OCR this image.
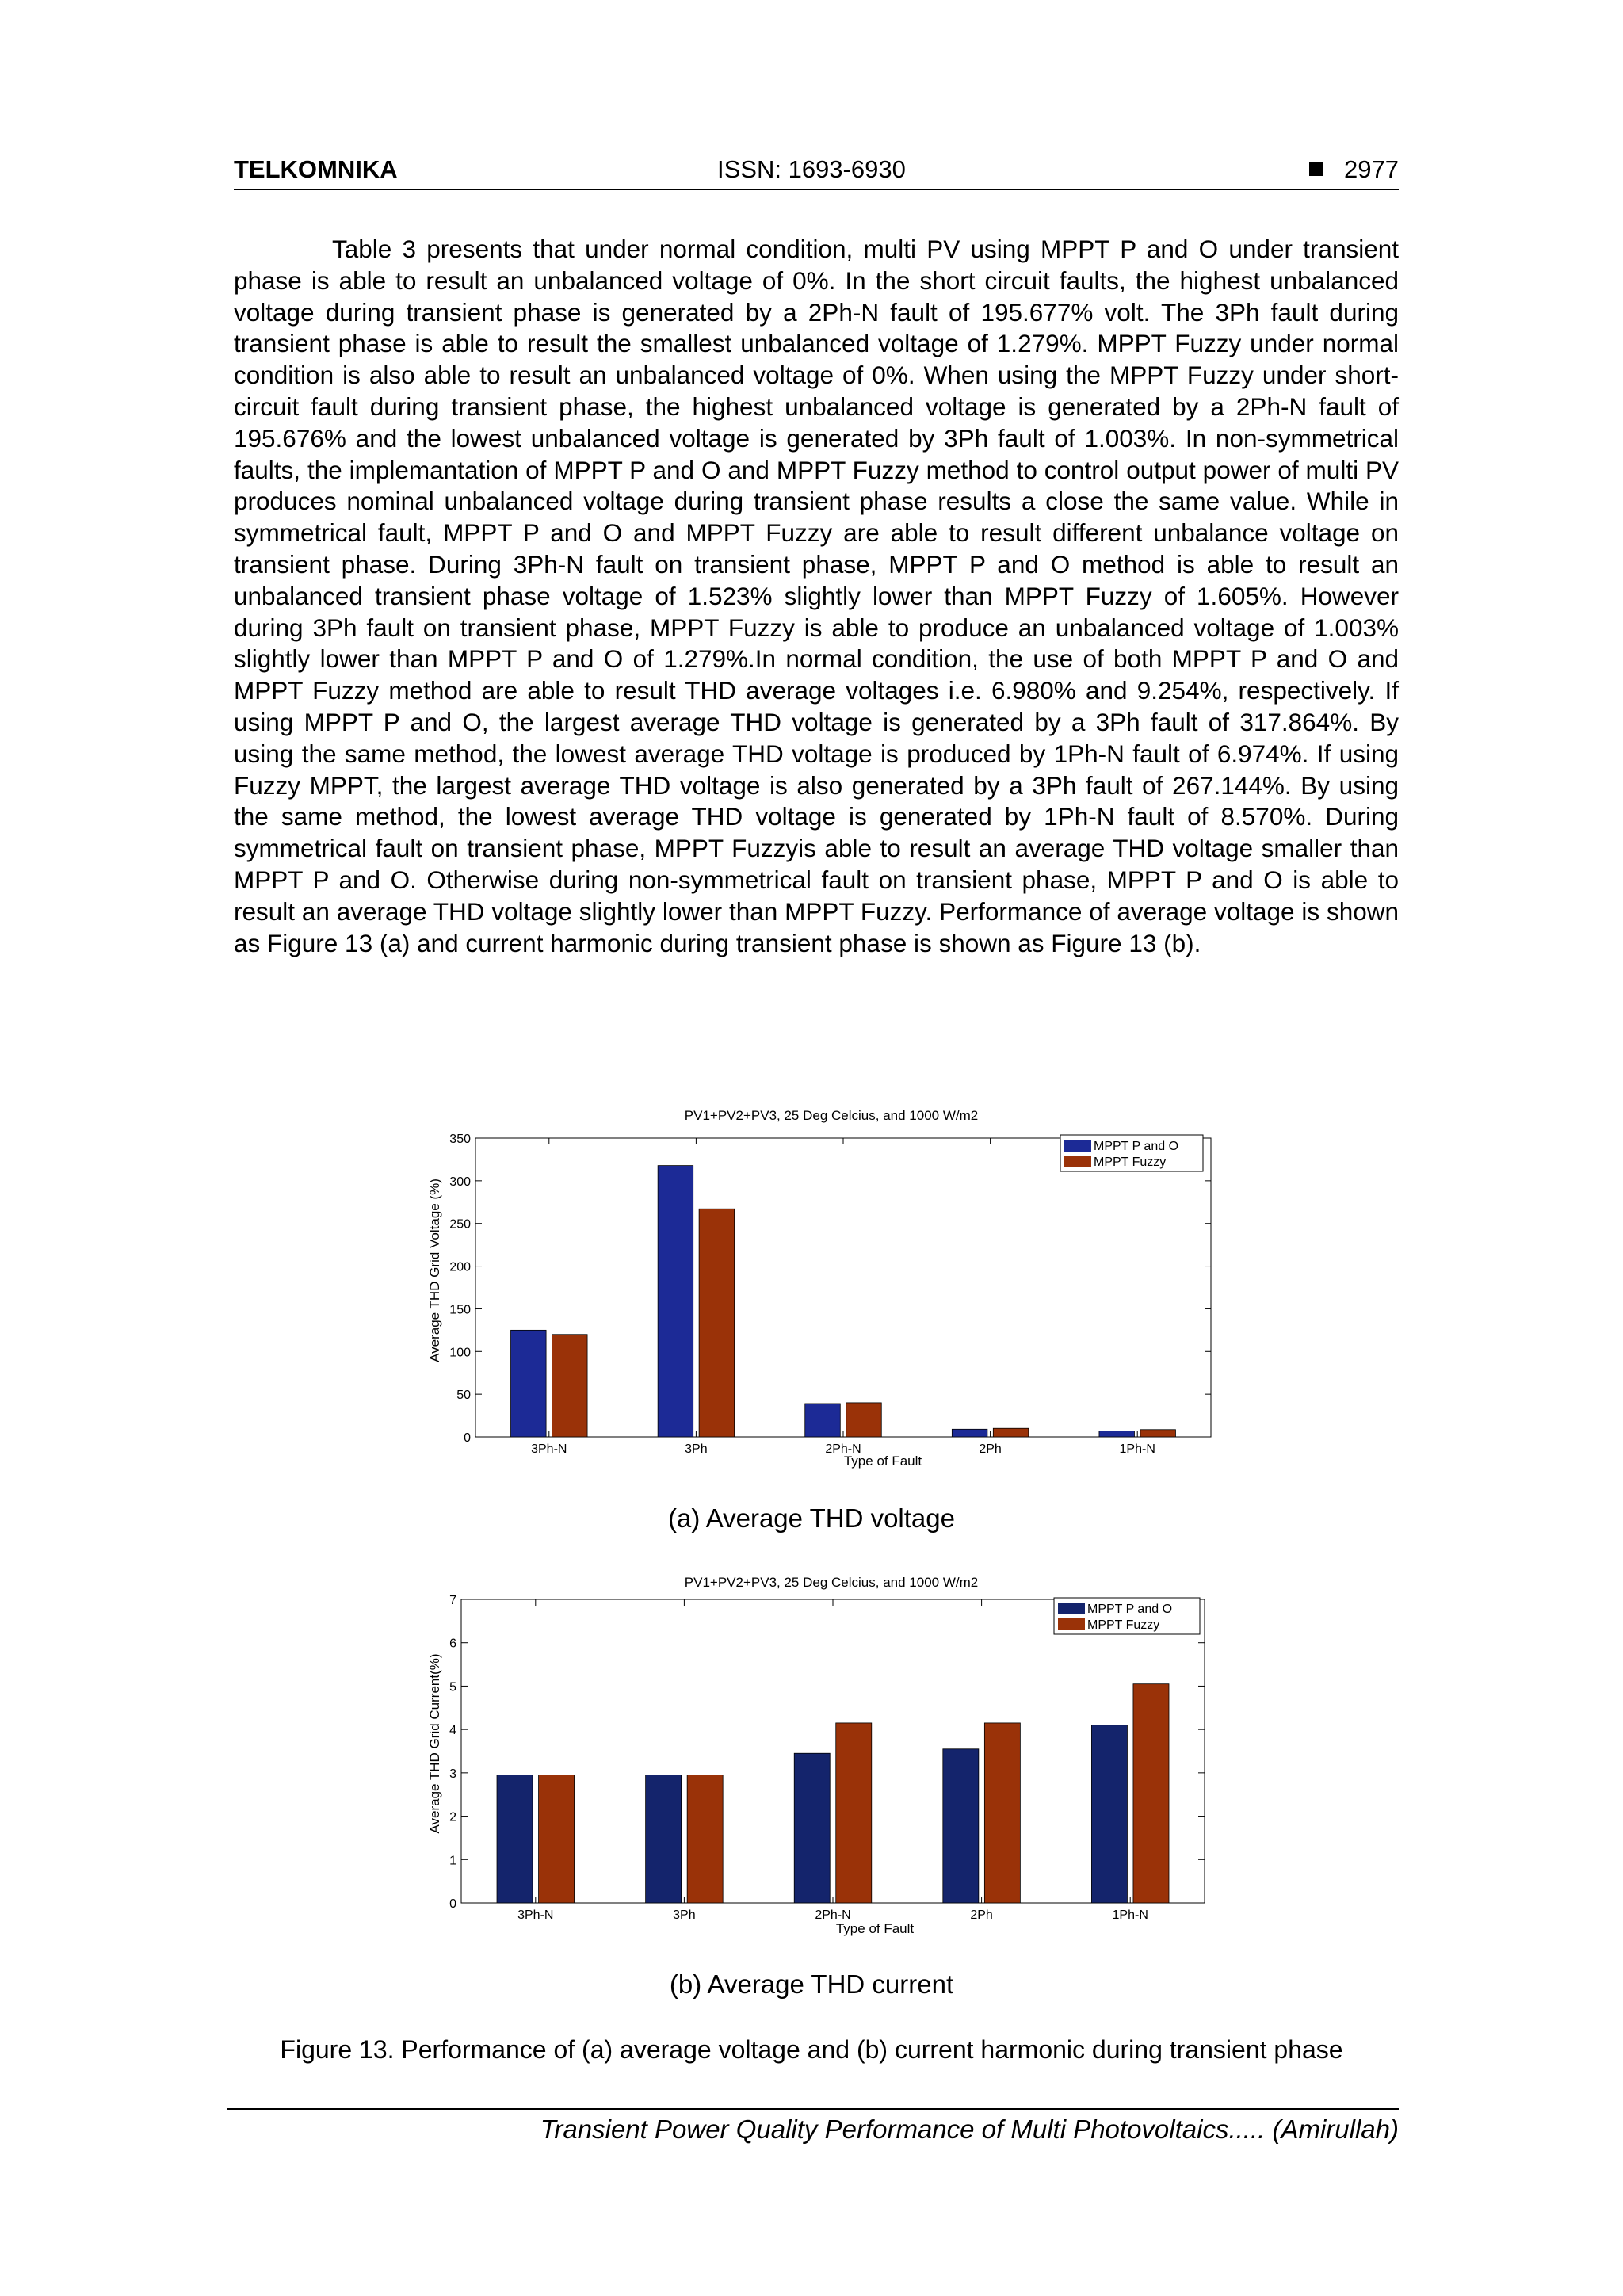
TELKOMNIKA	ISSN: 1693-6930	2977

Table 3 presents that under normal condition, multi PV using MPPT P and O under transient phase is able to result an unbalanced voltage of 0%. In the short circuit faults, the highest unbalanced voltage during transient phase is generated by a 2Ph-N fault of 195.677% volt. The 3Ph fault during transient phase is able to result the smallest unbalanced voltage of 1.279%. MPPT Fuzzy under normal condition is also able to result an unbalanced voltage of 0%. When using the MPPT Fuzzy under short-circuit fault during transient phase, the highest unbalanced voltage is generated by a 2Ph-N fault of 195.676% and the lowest unbalanced voltage is generated by 3Ph fault of 1.003%. In non-symmetrical faults, the implemantation of MPPT P and O and MPPT Fuzzy method to control output power of multi PV produces nominal unbalanced voltage during transient phase results a close the same value. While in symmetrical fault, MPPT P and O and MPPT Fuzzy are able to result different unbalance voltage on transient phase. During 3Ph-N fault on transient phase, MPPT P and O method is able to result an unbalanced transient phase voltage of 1.523% slightly lower than MPPT Fuzzy of 1.605%. However during 3Ph fault on transient phase, MPPT Fuzzy is able to produce an unbalanced voltage of 1.003% slightly lower than MPPT P and O of 1.279%.In normal condition, the use of both MPPT P and O and MPPT Fuzzy method are able to result THD average voltages i.e. 6.980% and 9.254%, respectively. If using MPPT P and O, the largest average THD voltage is generated by a 3Ph fault of 317.864%. By using the same method, the lowest average THD voltage is produced by 1Ph-N fault of 6.974%. If using Fuzzy MPPT, the largest average THD voltage is also generated by a 3Ph fault of 267.144%. By using the same method, the lowest average THD voltage is generated by 1Ph-N fault of 8.570%. During symmetrical fault on transient phase, MPPT Fuzzyis able to result an average THD voltage smaller than MPPT P and O. Otherwise during non-symmetrical fault on transient phase, MPPT P and O is able to result an average THD voltage slightly lower than MPPT Fuzzy. Performance of average voltage is shown as Figure 13 (a) and current harmonic during transient phase is shown as Figure 13 (b).

PV1+PV2+PV3, 25 Deg Celcius, and 1000 W/m2
0
50
100
150
200
250
300
350
3Ph-N	3Ph	2Ph-N	2Ph	1Ph-N
Type of Fault
Average THD Grid Voltage (%)
MPPT P and O
MPPT Fuzzy
(a) Average THD voltage
PV1+PV2+PV3, 25 Deg Celcius, and 1000 W/m2
0
1
2
3
4
5
6
7
3Ph-N	3Ph	2Ph-N	2Ph	1Ph-N
Type of Fault
Average THD Grid Current(%)
MPPT P and O
MPPT Fuzzy
(b) Average THD current
Figure 13. Performance of (a) average voltage and (b) current harmonic during transient phase
Transient Power Quality Performance of Multi Photovoltaics..... (Amirullah)
